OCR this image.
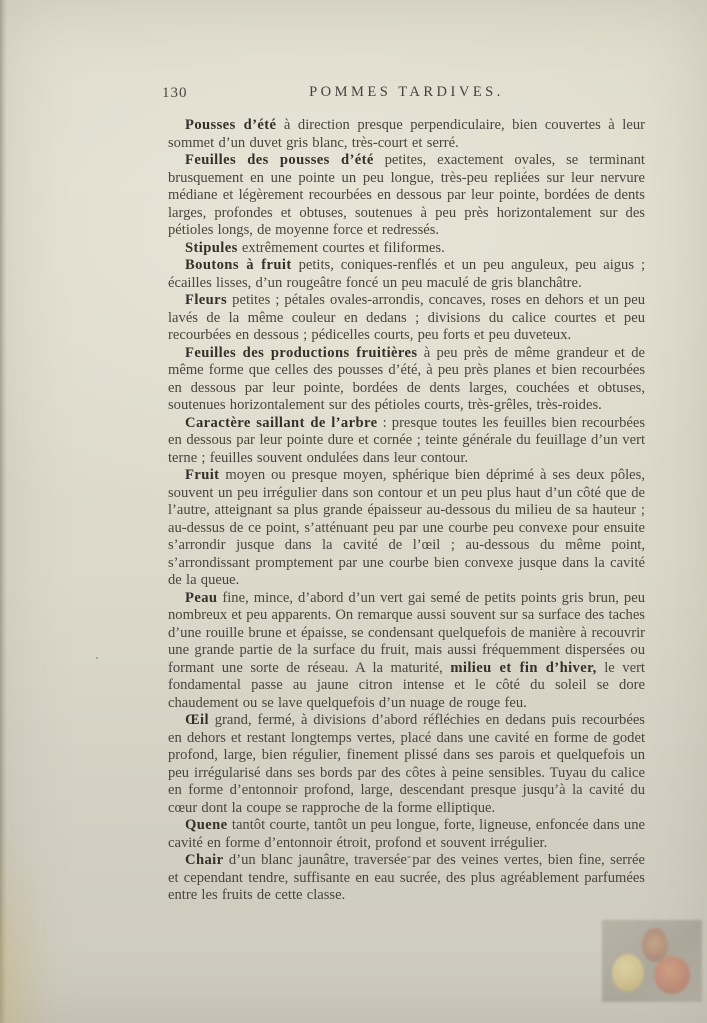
130	POMMES TARDIVES.

Pousses d’été à direction presque perpendiculaire, bien couvertes à leur sommet d’un duvet gris blanc, très-court et serré.

Feuilles des pousses d’été petites, exactement ovales, se terminant brusquement en une pointe un peu longue, très-peu repliées sur leur nervure médiane et légèrement recourbées en dessous par leur pointe, bordées de dents larges, profondes et obtuses, soutenues à peu près horizontalement sur des pétioles longs, de moyenne force et redressés.

Stipules extrêmement courtes et filiformes.

Boutons à fruit petits, coniques-renflés et un peu anguleux, peu aigus ; écailles lisses, d’un rougeâtre foncé un peu maculé de gris blanchâtre.

Fleurs petites ; pétales ovales-arrondis, concaves, roses en dehors et un peu lavés de la même couleur en dedans ; divisions du calice courtes et peu recourbées en dessous ; pédicelles courts, peu forts et peu duveteux.

Feuilles des productions fruitières à peu près de même grandeur et de même forme que celles des pousses d’été, à peu près planes et bien recourbées en dessous par leur pointe, bordées de dents larges, couchées et obtuses, soutenues horizontalement sur des pétioles courts, très-grêles, très-roides.

Caractère saillant de l’arbre : presque toutes les feuilles bien recourbées en dessous par leur pointe dure et cornée ; teinte générale du feuillage d’un vert terne ; feuilles souvent ondulées dans leur contour.

Fruit moyen ou presque moyen, sphérique bien déprimé à ses deux pôles, souvent un peu irrégulier dans son contour et un peu plus haut d’un côté que de l’autre, atteignant sa plus grande épaisseur au-dessous du milieu de sa hauteur ; au-dessus de ce point, s’atténuant peu par une courbe peu convexe pour ensuite s’arrondir jusque dans la cavité de l’œil ; au-dessous du même point, s’arrondissant promptement par une courbe bien convexe jusque dans la cavité de la queue.

Peau fine, mince, d’abord d’un vert gai semé de petits points gris brun, peu nombreux et peu apparents. On remarque aussi souvent sur sa surface des taches d’une rouille brune et épaisse, se condensant quelquefois de manière à recouvrir une grande partie de la surface du fruit, mais aussi fréquemment dispersées ou formant une sorte de réseau. A la maturité, milieu et fin d’hiver, le vert fondamental passe au jaune citron intense et le côté du soleil se dore chaudement ou se lave quelquefois d’un nuage de rouge feu.

Œil grand, fermé, à divisions d’abord réfléchies en dedans puis recourbées en dehors et restant longtemps vertes, placé dans une cavité en forme de godet profond, large, bien régulier, finement plissé dans ses parois et quelquefois un peu irrégularisé dans ses bords par des côtes à peine sensibles. Tuyau du calice en forme d’entonnoir profond, large, descendant presque jusqu’à la cavité du cœur dont la coupe se rapproche de la forme elliptique.

Quene tantôt courte, tantôt un peu longue, forte, ligneuse, enfoncée dans une cavité en forme d’entonnoir étroit, profond et souvent irrégulier.

Chair d’un blanc jaunâtre, traversée par des veines vertes, bien fine, serrée et cependant tendre, suffisante en eau sucrée, des plus agréablement parfumées entre les fruits de cette classe.
